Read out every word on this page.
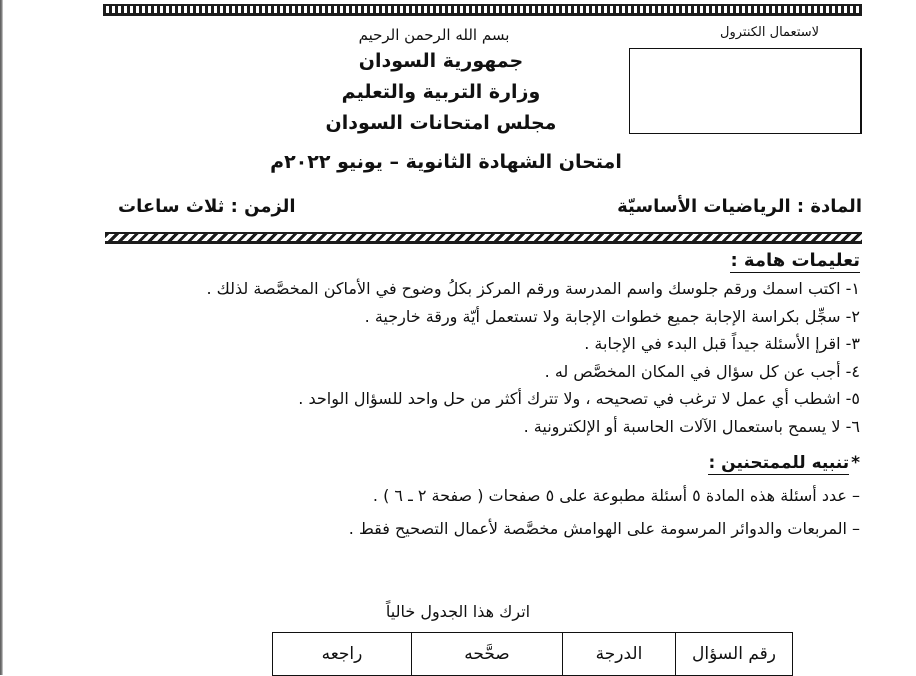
لاستعمال الكنترول
بسم الله الرحمن الرحيم
جمهورية السودان
وزارة التربية والتعليم
مجلس امتحانات السودان
امتحان الشهادة الثانوية – يونيو ٢٠٢٢م
المادة : الرياضيات الأساسيّة
الزمن : ثلاث ساعات
تعليمات هامة :
١- اكتب اسمك ورقم جلوسك واسم المدرسة ورقم المركز بكلُ وضوح في الأماكن المخصَّصة لذلك .
٢- سجِّل بكراسة الإجابة جميع خطوات الإجابة ولا تستعمل أيّة ورقة خارجية .
٣- اقرإ الأسئلة جيداً قبل البدء في الإجابة .
٤- أجب عن كل سؤال في المكان المخصَّص له .
٥- اشطب أي عمل لا ترغب في تصحيحه ، ولا تترك أكثر من حل واحد للسؤال الواحد .
٦- لا يسمح باستعمال الآلات الحاسبة أو الإلكترونية .
*تنبيه للممتحنين :
– عدد أسئلة هذه المادة ٥ أسئلة مطبوعة على ٥ صفحات ( صفحة ٢ ـ ٦ ) .
– المربعات والدوائر المرسومة على الهوامش مخصَّصة لأعمال التصحيح فقط .
اترك هذا الجدول خالياً
رقم السؤال	الدرجة	صحَّحه	راجعه
